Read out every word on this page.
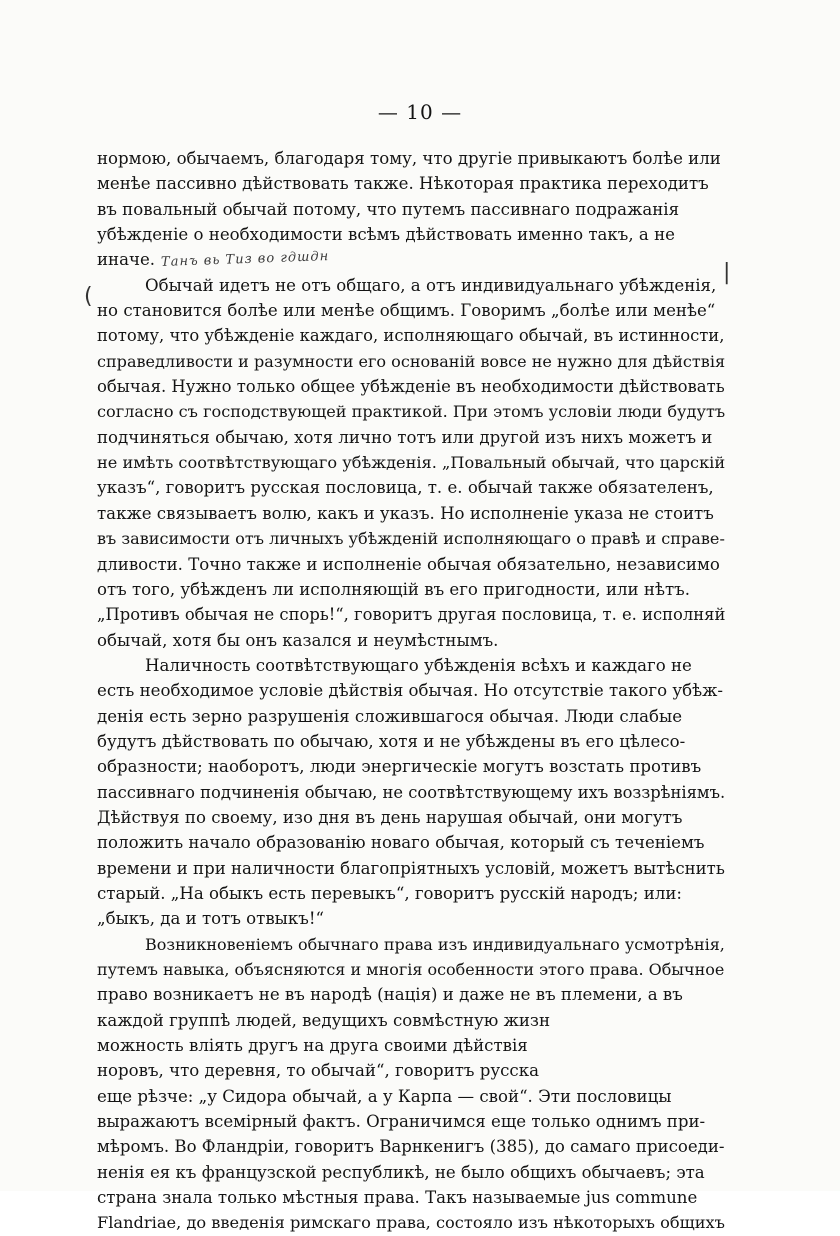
— 10 —
|
(
нормою, обычаемъ, благодаря тому, что другіе привыкаютъ болѣе или
менѣе пассивно дѣйствовать также. Нѣкоторая практика переходитъ
въ повальный обычай потому, что путемъ пассивнаго подражанія
убѣжденіе о необходимости всѣмъ дѣйствовать именно такъ, а не
иначе. Танъ вь Тиз во гдшдн
Обычай идетъ не отъ общаго, а отъ индивидуальнаго убѣжденія,
но становится болѣе или менѣе общимъ. Говоримъ „болѣе или менѣе“
потому, что убѣжденіе каждаго, исполняющаго обычай, въ истинности,
справедливости и разумности его основаній вовсе не нужно для дѣйствія
обычая. Нужно только общее убѣжденіе въ необходимости дѣйствовать
согласно съ господствующей практикой. При этомъ условіи люди будутъ
подчиняться обычаю, хотя лично тотъ или другой изъ нихъ можетъ и
не имѣть соотвѣтствующаго убѣжденія. „Повальный обычай, что царскій
указъ“, говоритъ русская пословица, т. е. обычай также обязателенъ,
также связываетъ волю, какъ и указъ. Но исполненіе указа не стоитъ
въ зависимости отъ личныхъ убѣжденій исполняющаго о правѣ и справе-
дливости. Точно также и исполненіе обычая обязательно, независимо
отъ того, убѣжденъ ли исполняющій въ его пригодности, или нѣтъ.
„Противъ обычая не спорь!“, говоритъ другая пословица, т. е. исполняй
обычай, хотя бы онъ казался и неумѣстнымъ.
Наличность соотвѣтствующаго убѣжденія всѣхъ и каждаго не
есть необходимое условіе дѣйствія обычая. Но отсутствіе такого убѣж-
денія есть зерно разрушенія сложившагося обычая. Люди слабые
будутъ дѣйствовать по обычаю, хотя и не убѣждены въ его цѣлесо-
образности; наоборотъ, люди энергическіе могутъ возстать противъ
пассивнаго подчиненія обычаю, не соотвѣтствующему ихъ воззрѣніямъ.
Дѣйствуя по своему, изо дня въ день нарушая обычай, они могутъ
положить начало образованію новаго обычая, который съ теченіемъ
времени и при наличности благопріятныхъ условій, можетъ вытѣснить
старый. „На обыкъ есть перевыкъ“, говоритъ русскій народъ; или:
„быкъ, да и тотъ отвыкъ!“
Возникновеніемъ обычнаго права изъ индивидуальнаго усмотрѣнія,
путемъ навыка, объясняются и многія особенности этого права. Обычное
право возникаетъ не въ народѣ (нація) и даже не въ племени, а въ
каждой группѣ людей, ведущихъ совмѣстную жизн
можность вліять другъ на друга своими дѣйствія
норовъ, что деревня, то обычай“, говоритъ русска
еще рѣзче: „у Сидора обычай, а у Карпа — свой“. Эти пословицы
выражаютъ всемірный фактъ. Ограничимся еще только однимъ при-
мѣромъ. Во Фландріи, говоритъ Варнкенигъ (385), до самаго присоеди-
ненія ея къ французской республикѣ, не было общихъ обычаевъ; эта
страна знала только мѣстныя права. Такъ называемые jus commune
Flandriae, до введенія римскаго права, состояло изъ нѣкоторыхъ общихъ
